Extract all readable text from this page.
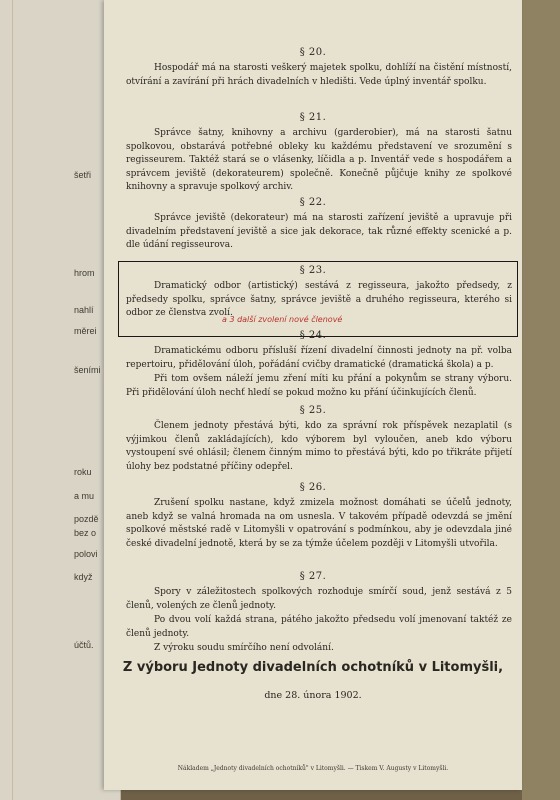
šetři
hrom
nahlí
měrei
šeními
roku
a mu
pozdě
bez o
polovi
když
účtů.
§ 20.
Hospodář má na starosti veškerý majetek spolku, dohlíží na čistění místností, otvírání a zavírání při hrách divadelních v hledišti. Vede úplný inventář spolku.
§ 21.
Správce šatny, knihovny a archivu (garderobier), má na starosti šatnu spolkovou, obstarává potřebné obleky ku každému představení ve srozumění s regisseurem. Taktéž stará se o vlásenky, líčidla a p. Inventář vede s hospodářem a správcem jeviště (dekorateurem) společně. Konečně půjčuje knihy ze spolkové knihovny a spravuje spolkový archiv.
§ 22.
Správce jeviště (dekorateur) má na starosti zařízení jeviště a upravuje při divadelním představení jeviště a sice jak dekorace, tak různé effekty scenické a p. dle údání regisseurova.
§ 23.
Dramatický odbor (artistický) sestává z regisseura, jakožto předsedy, z předsedy spolku, správce šatny, správce jeviště a druhého regisseura, kterého si odbor ze členstva zvolí.
a 3 další zvolení nové členové
§ 24.
Dramatickému odboru přísluší řízení divadelní činnosti jednoty na př. volba repertoiru, přidělování úloh, pořádání cvičby dramatické (dramatická škola) a p.
Při tom ovšem náleží jemu zření míti ku přání a pokynům se strany výboru. Při přidělování úloh nechť hledí se pokud možno ku přání účinkujících členů.
§ 25.
Členem jednoty přestává býti, kdo za správní rok příspěvek nezaplatil (s výjimkou členů zakládajících), kdo výborem byl vyloučen, aneb kdo výboru vystoupení své ohlásil; členem činným mimo to přestává býti, kdo po třikráte přijetí úlohy bez podstatné příčiny odepřel.
§ 26.
Zrušení spolku nastane, když zmizela možnost domáhati se účelů jednoty, aneb když se valná hromada na om usnesla. V takovém případě odevzdá se jmění spolkové městské radě v Litomyšli v opatrování s podmínkou, aby je odevzdala jiné české divadelní jednotě, která by se za týmže účelem později v Litomyšli utvořila.
§ 27.
Spory v záležitostech spolkových rozhoduje smírčí soud, jenž sestává z 5 členů, volených ze členů jednoty.
Po dvou volí každá strana, pátého jakožto předsedu volí jmenovaní taktéž ze členů jednoty.
Z výroku soudu smírčího není odvolání.
Z výboru Jednoty divadelních ochotníků v Litomyšli,
dne 28. února 1902.
Nákladem „Jednoty divadelních ochotníků" v Litomyšli. — Tiskem V. Augusty v Litomyšli.
